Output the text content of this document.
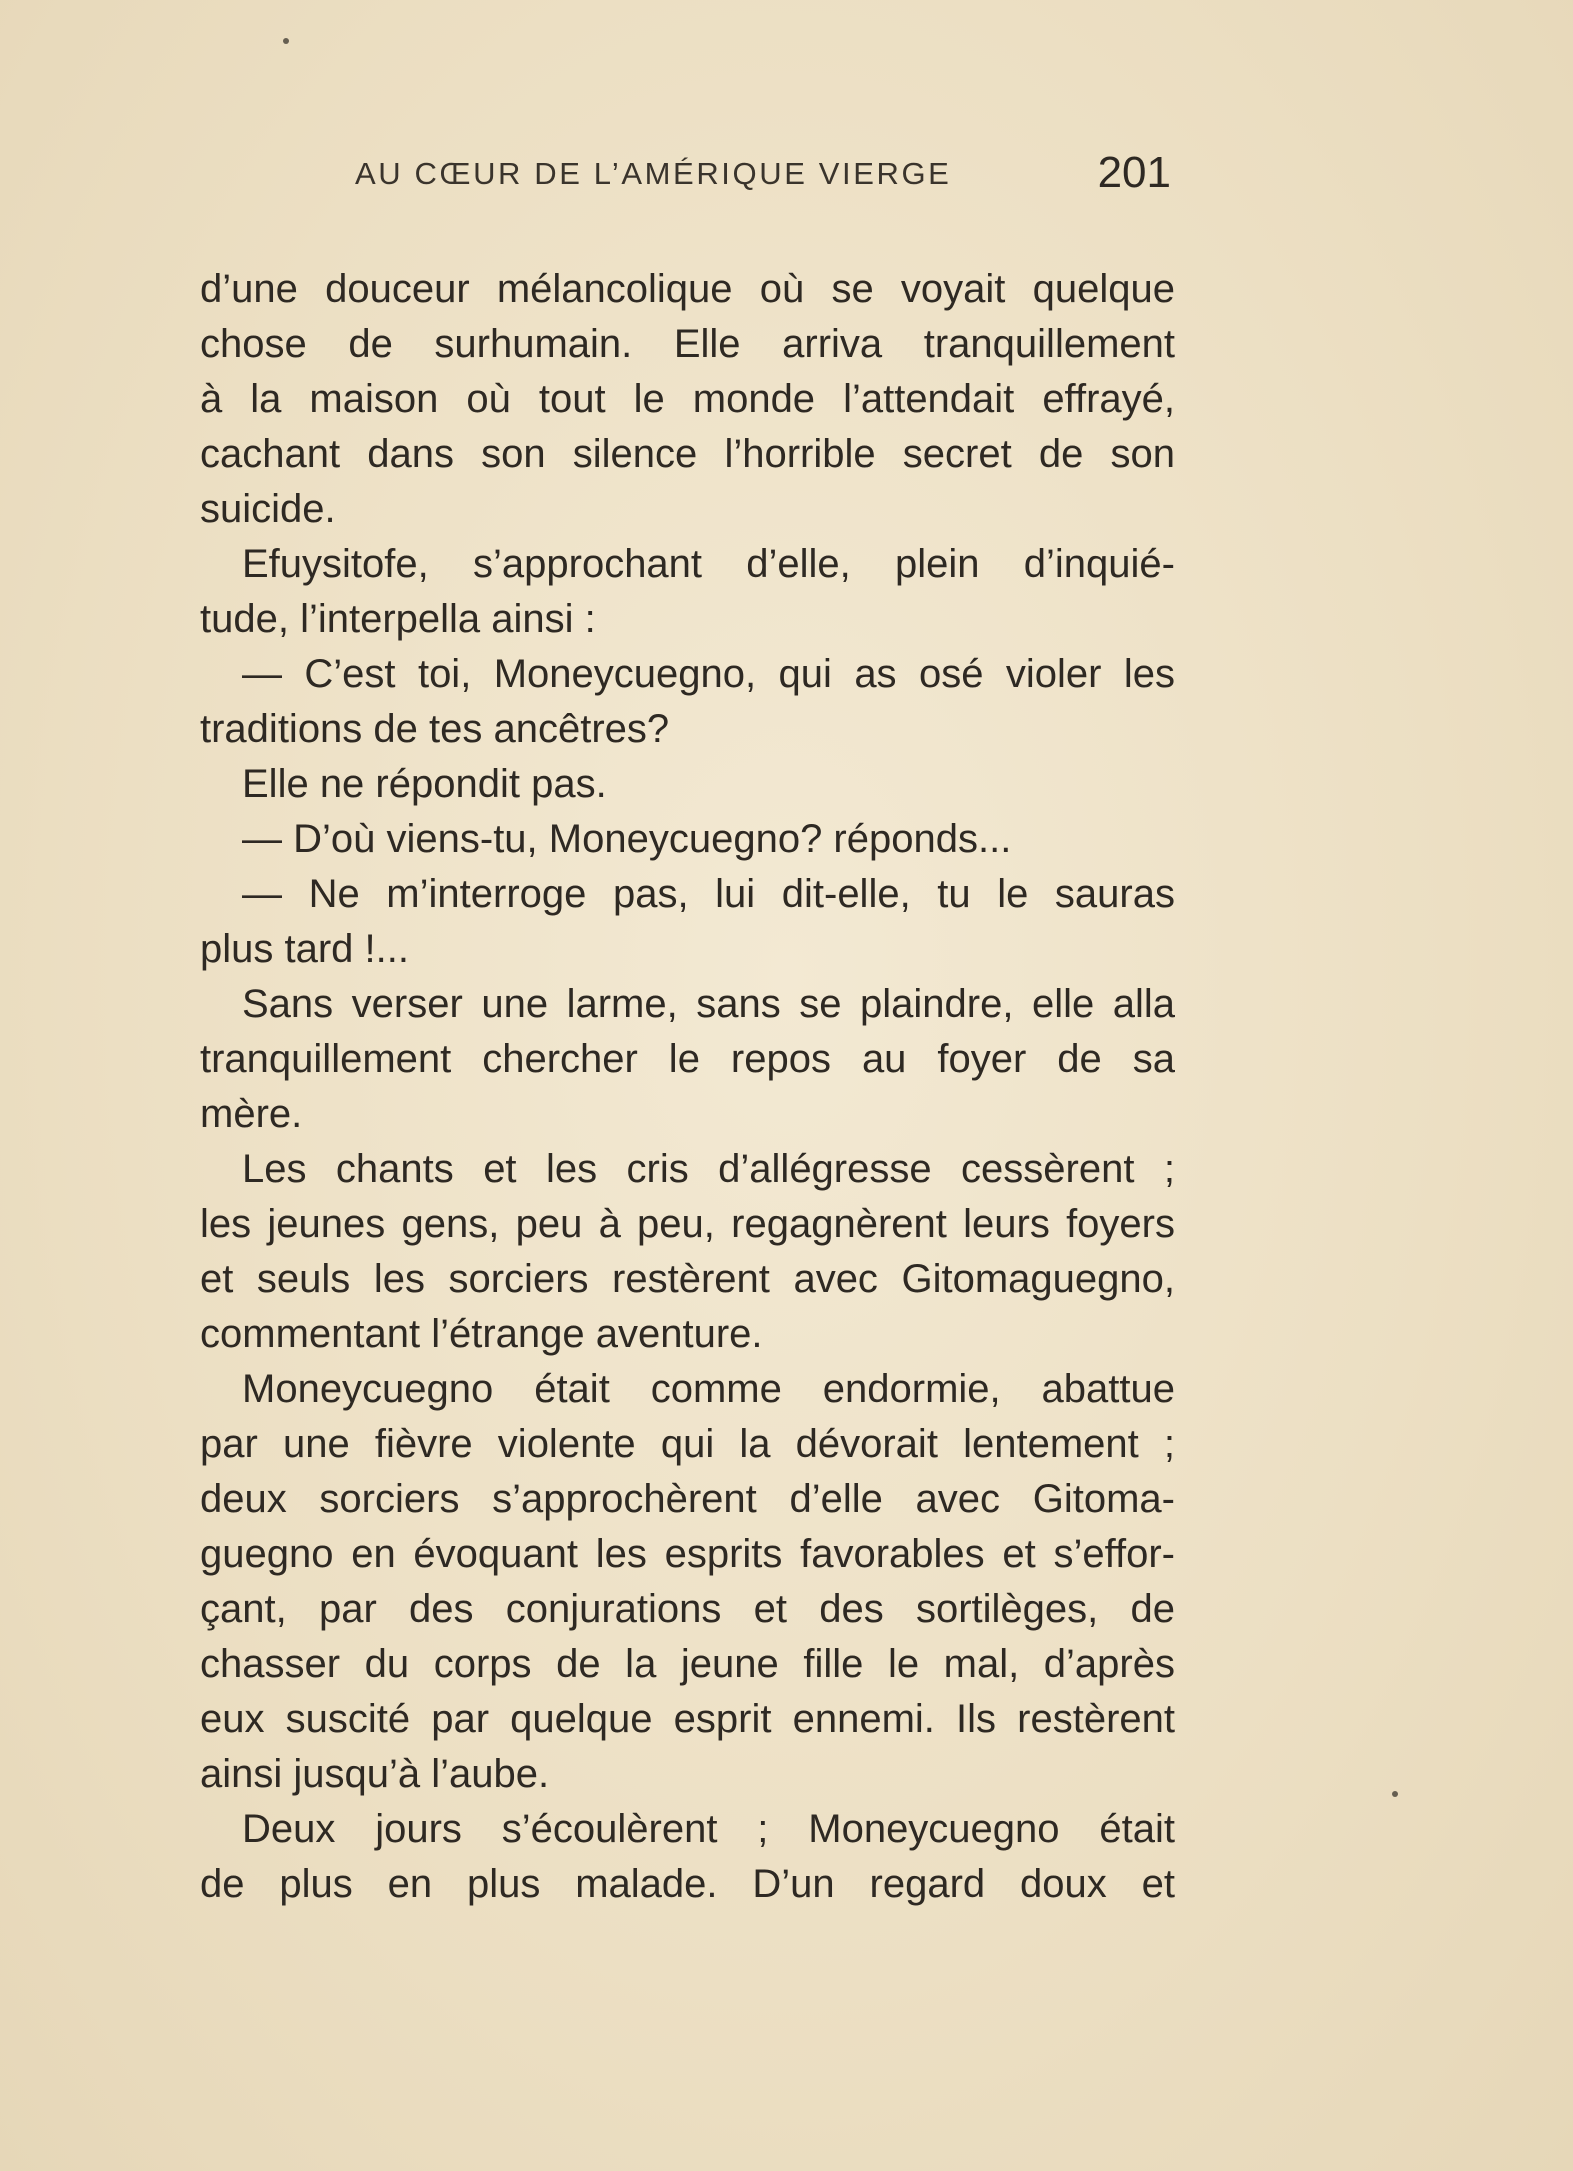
AU CŒUR DE L’AMÉRIQUE VIERGE	201
d’une douceur mélancolique où se voyait quelque
chose de surhumain. Elle arriva tranquillement
à la maison où tout le monde l’attendait effrayé,
cachant dans son silence l’horrible secret de son
suicide.
Efuysitofe, s’approchant d’elle, plein d’inquié-
tude, l’interpella ainsi :
— C’est toi, Moneycuegno, qui as osé violer les
traditions de tes ancêtres?
Elle ne répondit pas.
— D’où viens-tu, Moneycuegno? réponds...
— Ne m’interroge pas, lui dit-elle, tu le sauras
plus tard !...
Sans verser une larme, sans se plaindre, elle alla
tranquillement chercher le repos au foyer de sa
mère.
Les chants et les cris d’allégresse cessèrent ;
les jeunes gens, peu à peu, regagnèrent leurs foyers
et seuls les sorciers restèrent avec Gitomaguegno,
commentant l’étrange aventure.
Moneycuegno était comme endormie, abattue
par une fièvre violente qui la dévorait lentement ;
deux sorciers s’approchèrent d’elle avec Gitoma-
guegno en évoquant les esprits favorables et s’effor-
çant, par des conjurations et des sortilèges, de
chasser du corps de la jeune fille le mal, d’après
eux suscité par quelque esprit ennemi. Ils restèrent
ainsi jusqu’à l’aube.
Deux jours s’écoulèrent ; Moneycuegno était
de plus en plus malade. D’un regard doux et
